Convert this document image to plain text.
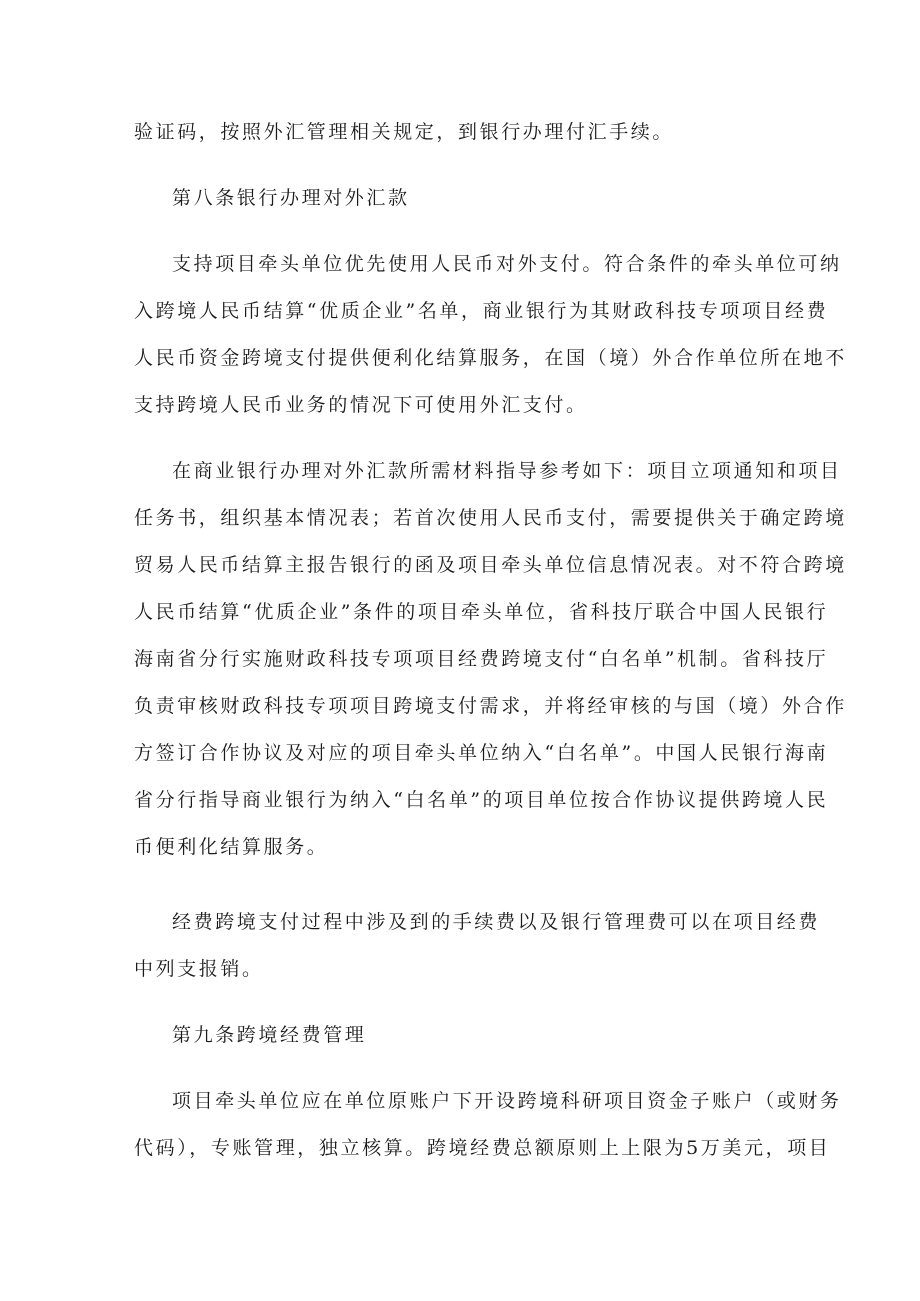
验证码，按照外汇管理相关规定，到银行办理付汇手续。
第八条银行办理对外汇款
支持项目牵头单位优先使用人民币对外支付。符合条件的牵头单位可纳
入跨境人民币结算“优质企业”名单，商业银行为其财政科技专项项目经费
人民币资金跨境支付提供便利化结算服务，在国（境）外合作单位所在地不
支持跨境人民币业务的情况下可使用外汇支付。
在商业银行办理对外汇款所需材料指导参考如下：项目立项通知和项目
任务书，组织基本情况表；若首次使用人民币支付，需要提供关于确定跨境
贸易人民币结算主报告银行的函及项目牵头单位信息情况表。对不符合跨境
人民币结算“优质企业”条件的项目牵头单位，省科技厅联合中国人民银行
海南省分行实施财政科技专项项目经费跨境支付“白名单”机制。省科技厅
负责审核财政科技专项项目跨境支付需求，并将经审核的与国（境）外合作
方签订合作协议及对应的项目牵头单位纳入“白名单”。中国人民银行海南
省分行指导商业银行为纳入“白名单”的项目单位按合作协议提供跨境人民
币便利化结算服务。
经费跨境支付过程中涉及到的手续费以及银行管理费可以在项目经费
中列支报销。
第九条跨境经费管理
项目牵头单位应在单位原账户下开设跨境科研项目资金子账户（或财务
代码），专账管理，独立核算。跨境经费总额原则上上限为5万美元，项目
